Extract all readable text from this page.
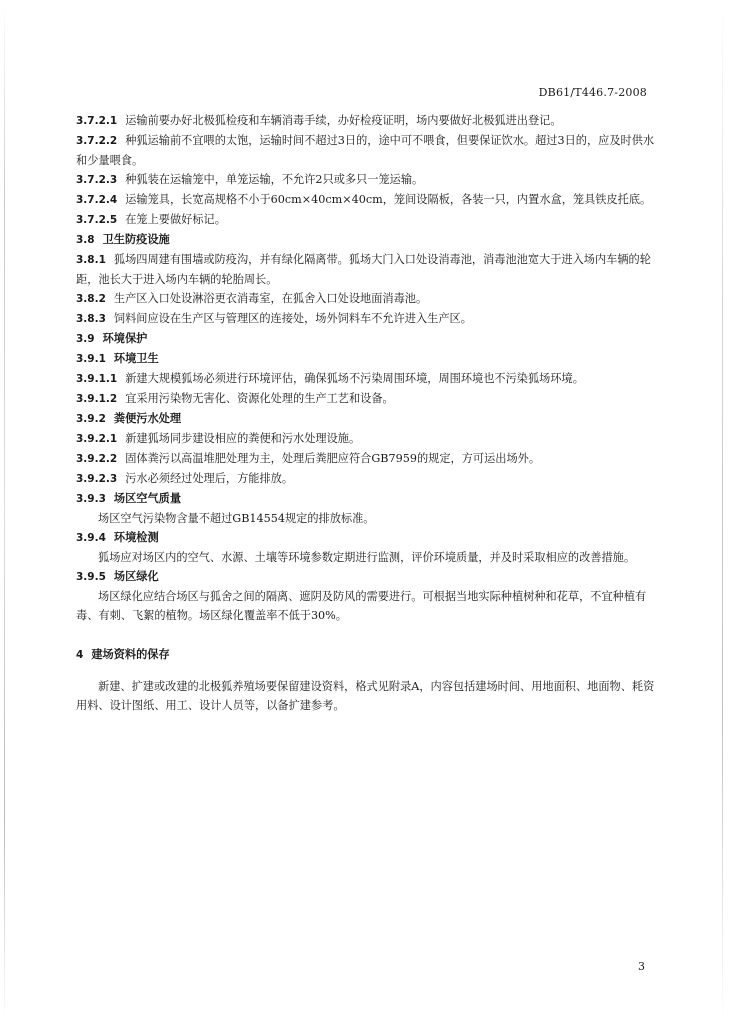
DB61/T446.7-2008

3.7.2.1 运输前要办好北极狐检疫和车辆消毒手续，办好检疫证明，场内要做好北极狐进出登记。

3.7.2.2 种狐运输前不宜喂的太饱，运输时间不超过3日的，途中可不喂食，但要保证饮水。超过3日的，应及时供水和少量喂食。

3.7.2.3 种狐装在运输笼中，单笼运输，不允许2只或多只一笼运输。

3.7.2.4 运输笼具，长宽高规格不小于60cm×40cm×40cm，笼间设隔板，各装一只，内置水盒，笼具铁皮托底。

3.7.2.5 在笼上要做好标记。

3.8 卫生防疫设施

3.8.1 狐场四周建有围墙或防疫沟，并有绿化隔离带。狐场大门入口处设消毒池，消毒池池宽大于进入场内车辆的轮距，池长大于进入场内车辆的轮胎周长。

3.8.2 生产区入口处设淋浴更衣消毒室，在狐舍入口处设地面消毒池。

3.8.3 饲料间应设在生产区与管理区的连接处，场外饲料车不允许进入生产区。

3.9 环境保护

3.9.1 环境卫生

3.9.1.1 新建大规模狐场必须进行环境评估，确保狐场不污染周围环境，周围环境也不污染狐场环境。

3.9.1.2 宜采用污染物无害化、资源化处理的生产工艺和设备。

3.9.2 粪便污水处理

3.9.2.1 新建狐场同步建设相应的粪便和污水处理设施。

3.9.2.2 固体粪污以高温堆肥处理为主，处理后粪肥应符合GB7959的规定，方可运出场外。

3.9.2.3 污水必须经过处理后，方能排放。

3.9.3 场区空气质量

场区空气污染物含量不超过GB14554规定的排放标准。

3.9.4 环境检测

狐场应对场区内的空气、水源、土壤等环境参数定期进行监测，评价环境质量，并及时采取相应的改善措施。

3.9.5 场区绿化

场区绿化应结合场区与狐舍之间的隔离、遮阴及防风的需要进行。可根据当地实际种植树种和花草，不宜种植有毒、有刺、飞絮的植物。场区绿化覆盖率不低于30%。

4 建场资料的保存

新建、扩建或改建的北极狐养殖场要保留建设资料，格式见附录A，内容包括建场时间、用地面积、地面物、耗资用料、设计图纸、用工、设计人员等，以备扩建参考。

3
